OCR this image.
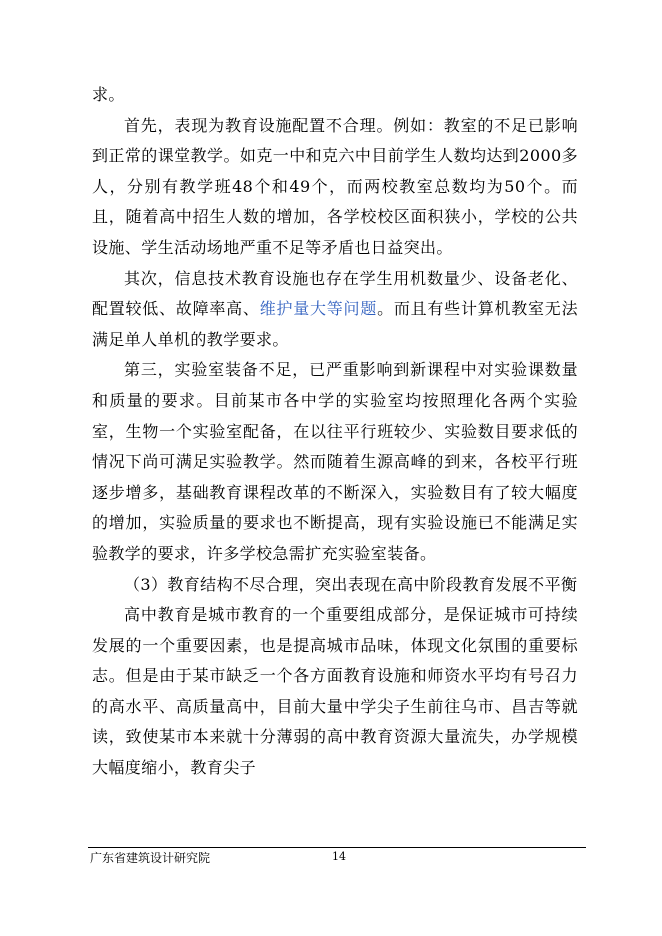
求。

首先，表现为教育设施配置不合理。例如：教室的不足已影响到正常的课堂教学。如克一中和克六中目前学生人数均达到2000多人，分别有教学班48个和49个，而两校教室总数均为50个。而且，随着高中招生人数的增加，各学校校区面积狭小，学校的公共设施、学生活动场地严重不足等矛盾也日益突出。

其次，信息技术教育设施也存在学生用机数量少、设备老化、配置较低、故障率高、维护量大等问题。而且有些计算机教室无法满足单人单机的教学要求。

第三，实验室装备不足，已严重影响到新课程中对实验课数量和质量的要求。目前某市各中学的实验室均按照理化各两个实验室，生物一个实验室配备，在以往平行班较少、实验数目要求低的情况下尚可满足实验教学。然而随着生源高峰的到来，各校平行班逐步增多，基础教育课程改革的不断深入，实验数目有了较大幅度的增加，实验质量的要求也不断提高，现有实验设施已不能满足实验教学的要求，许多学校急需扩充实验室装备。

（3）教育结构不尽合理，突出表现在高中阶段教育发展不平衡

高中教育是城市教育的一个重要组成部分，是保证城市可持续发展的一个重要因素，也是提高城市品味，体现文化氛围的重要标志。但是由于某市缺乏一个各方面教育设施和师资水平均有号召力的高水平、高质量高中，目前大量中学尖子生前往乌市、昌吉等就读，致使某市本来就十分薄弱的高中教育资源大量流失，办学规模大幅度缩小，教育尖子

广东省建筑设计研究院	14
